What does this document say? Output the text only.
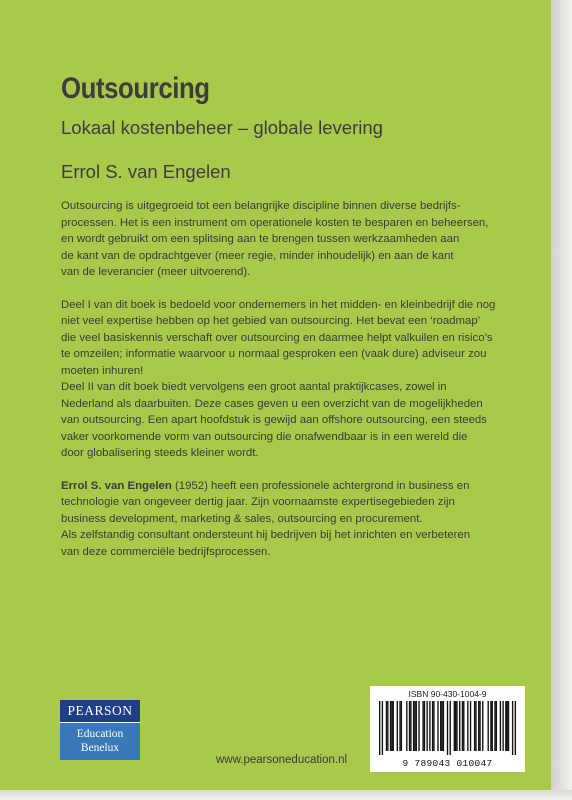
Outsourcing
Lokaal kostenbeheer – globale levering
Errol S. van Engelen

Outsourcing is uitgegroeid tot een belangrijke discipline binnen diverse bedrijfs-
processen. Het is een instrument om operationele kosten te besparen en beheersen,
en wordt gebruikt om een splitsing aan te brengen tussen werkzaamheden aan
de kant van de opdrachtgever (meer regie, minder inhoudelijk) en aan de kant
van de leverancier (meer uitvoerend).

Deel I van dit boek is bedoeld voor ondernemers in het midden- en kleinbedrijf die nog
niet veel expertise hebben op het gebied van outsourcing. Het bevat een ‘roadmap’
die veel basiskennis verschaft over outsourcing en daarmee helpt valkuilen en risico’s
te omzeilen; informatie waarvoor u normaal gesproken een (vaak dure) adviseur zou
moeten inhuren!
Deel II van dit boek biedt vervolgens een groot aantal praktijkcases, zowel in
Nederland als daarbuiten. Deze cases geven u een overzicht van de mogelijkheden
van outsourcing. Een apart hoofdstuk is gewijd aan offshore outsourcing, een steeds
vaker voorkomende vorm van outsourcing die onafwendbaar is in een wereld die
door globalisering steeds kleiner wordt.

Errol S. van Engelen (1952) heeft een professionele achtergrond in business en
technologie van ongeveer dertig jaar. Zijn voornaamste expertisegebieden zijn
business development, marketing & sales, outsourcing en procurement.
Als zelfstandig consultant ondersteunt hij bedrijven bij het inrichten en verbeteren
van deze commerciële bedrijfsprocessen.

PEARSON
Education
Benelux
www.pearsoneducation.nl
ISBN 90-430-1004-9
9 789043 010047
